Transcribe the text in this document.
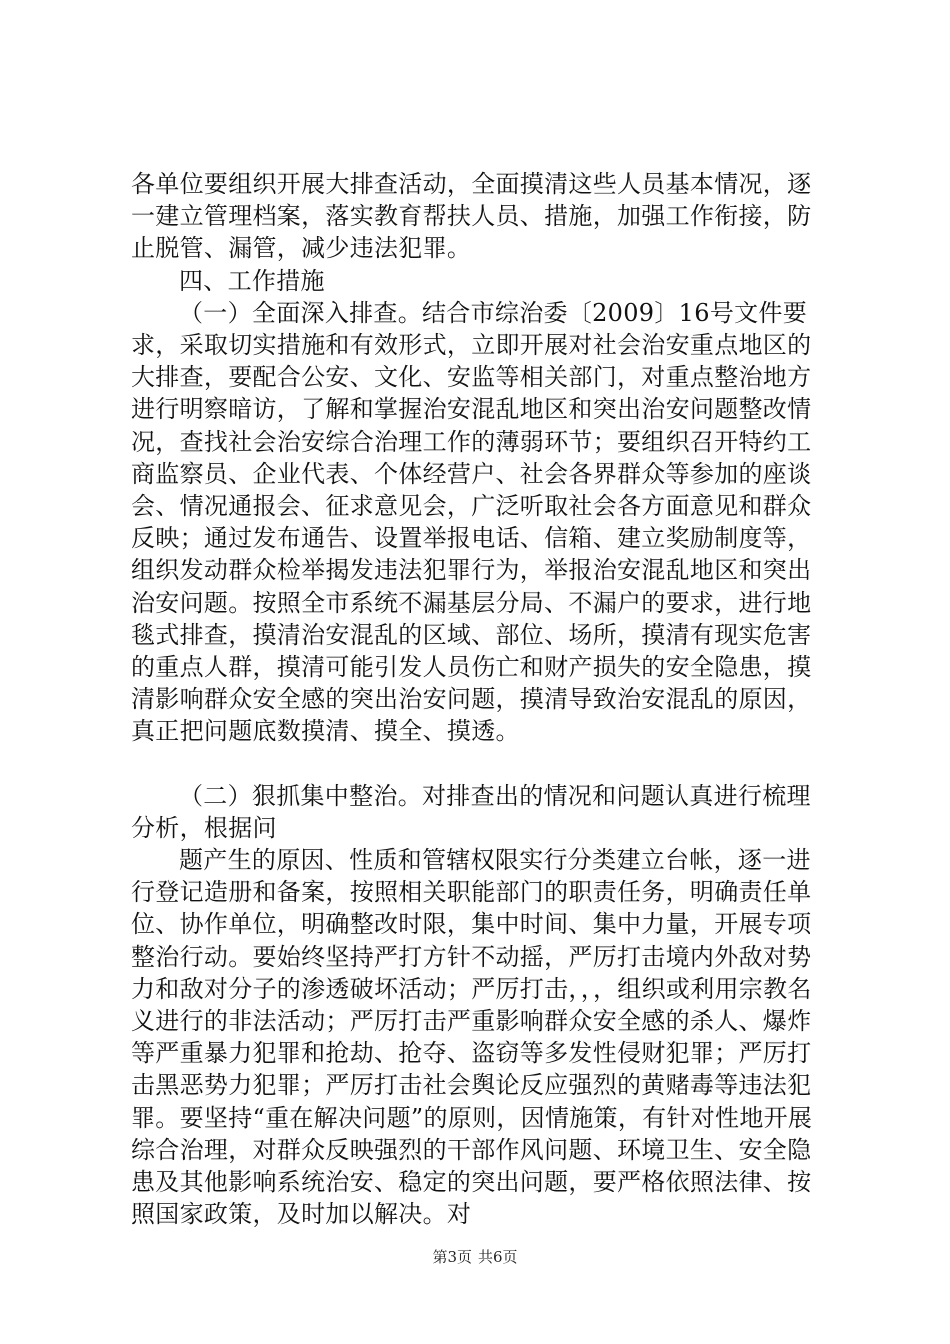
各单位要组织开展大排查活动，全面摸清这些人员基本情况，逐一建立管理档案，落实教育帮扶人员、措施，加强工作衔接，防止脱管、漏管，减少违法犯罪。

四、工作措施

（一）全面深入排查。结合市综治委〔2009〕16号文件要求，采取切实措施和有效形式，立即开展对社会治安重点地区的大排查，要配合公安、文化、安监等相关部门，对重点整治地方进行明察暗访，了解和掌握治安混乱地区和突出治安问题整改情况，查找社会治安综合治理工作的薄弱环节；要组织召开特约工商监察员、企业代表、个体经营户、社会各界群众等参加的座谈会、情况通报会、征求意见会，广泛听取社会各方面意见和群众反映；通过发布通告、设置举报电话、信箱、建立奖励制度等，组织发动群众检举揭发违法犯罪行为，举报治安混乱地区和突出治安问题。按照全市系统不漏基层分局、不漏户的要求，进行地毯式排查，摸清治安混乱的区域、部位、场所，摸清有现实危害的重点人群，摸清可能引发人员伤亡和财产损失的安全隐患，摸清影响群众安全感的突出治安问题，摸清导致治安混乱的原因，真正把问题底数摸清、摸全、摸透。

（二）狠抓集中整治。对排查出的情况和问题认真进行梳理分析，根据问

题产生的原因、性质和管辖权限实行分类建立台帐，逐一进行登记造册和备案，按照相关职能部门的职责任务，明确责任单位、协作单位，明确整改时限，集中时间、集中力量，开展专项整治行动。要始终坚持严打方针不动摇，严厉打击境内外敌对势力和敌对分子的渗透破坏活动；严厉打击，，，组织或利用宗教名义进行的非法活动；严厉打击严重影响群众安全感的杀人、爆炸等严重暴力犯罪和抢劫、抢夺、盗窃等多发性侵财犯罪；严厉打击黑恶势力犯罪；严厉打击社会舆论反应强烈的黄赌毒等违法犯罪。要坚持“重在解决问题”的原则，因情施策，有针对性地开展综合治理，对群众反映强烈的干部作风问题、环境卫生、安全隐患及其他影响系统治安、稳定的突出问题，要严格依照法律、按照国家政策，及时加以解决。对

第3页 共6页
